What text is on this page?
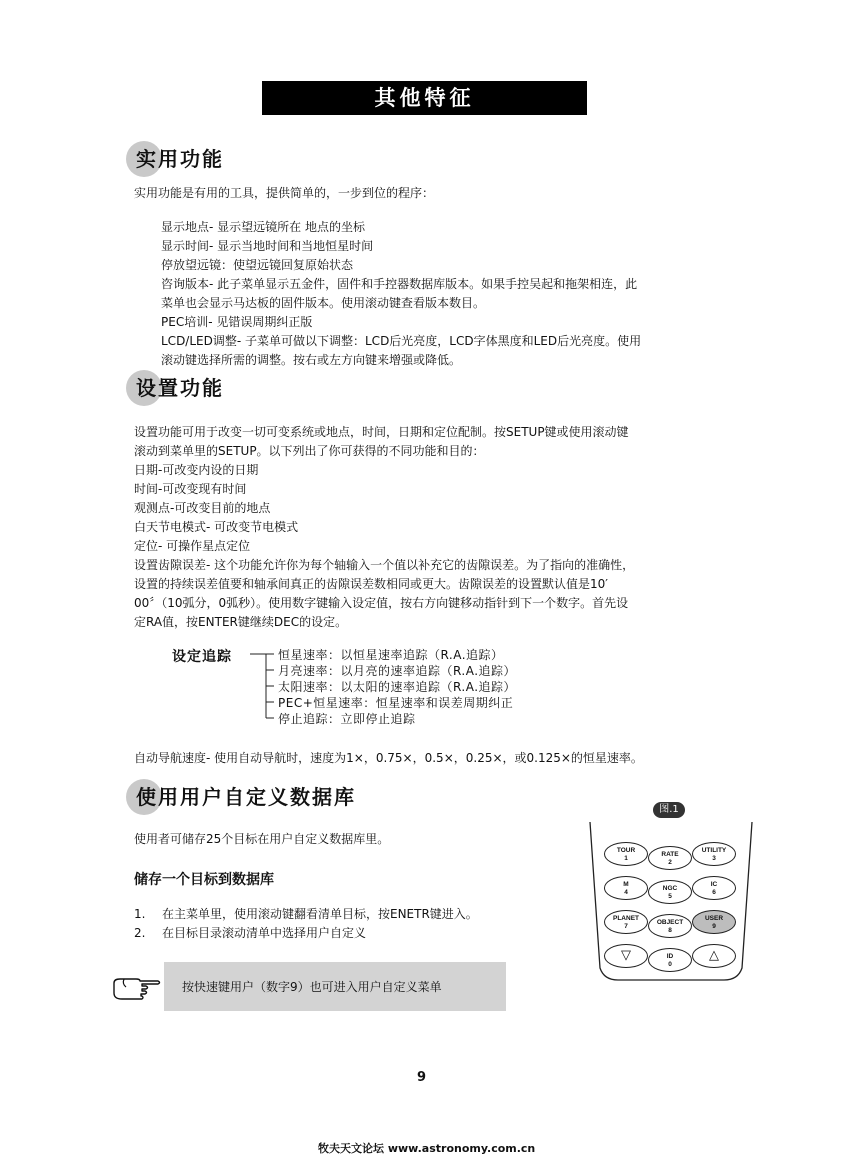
其他特征
实用功能
实用功能是有用的工具，提供简单的，一步到位的程序：
显示地点- 显示望远镜所在 地点的坐标
显示时间- 显示当地时间和当地恒星时间
停放望远镜：使望远镜回复原始状态
咨询版本- 此子菜单显示五金件，固件和手控器数据库版本。如果手控吴起和拖架相连，此
菜单也会显示马达板的固件版本。使用滚动键查看版本数目。
PEC培训- 见错误周期纠正版
LCD/LED调整- 子菜单可做以下调整：LCD后光亮度，LCD字体黑度和LED后光亮度。使用
滚动键选择所需的调整。按右或左方向键来增强或降低。
设置功能
设置功能可用于改变一切可变系统或地点，时间，日期和定位配制。按SETUP键或使用滚动键
滚动到菜单里的SETUP。以下列出了你可获得的不同功能和目的：
日期-可改变内设的日期
时间-可改变现有时间
观测点-可改变目前的地点
白天节电模式- 可改变节电模式
定位- 可操作星点定位
设置齿隙误差- 这个功能允许你为每个轴输入一个值以补充它的齿隙误差。为了指向的准确性，
设置的持续误差值要和轴承间真正的齿隙误差数相同或更大。齿隙误差的设置默认值是10′
00〞（10弧分，0弧秒）。使用数字键输入设定值，按右方向键移动指针到下一个数字。首先设
定RA值，按ENTER键继续DEC的设定。
设定追踪	恒星速率：以恒星速率追踪（R.A.追踪）
月亮速率：以月亮的速率追踪（R.A.追踪）
太阳速率：以太阳的速率追踪（R.A.追踪）
PEC+恒星速率：恒星速率和误差周期纠正
停止追踪：立即停止追踪
自动导航速度- 使用自动导航时，速度为1×，0.75×，0.5×，0.25×，或0.125×的恒星速率。
使用用户自定义数据库
使用者可储存25个目标在用户自定义数据库里。
储存一个目标到数据库
1. 在主菜单里，使用滚动键翻看清单目标，按ENETR键进入。
2. 在目标目录滚动清单中选择用户自定义
按快速键用户（数字9）也可进入用户自定义菜单
图.1
TOUR
1
RATE
2
UTILITY
3
M
4
NGC
5
IC
6
PLANET
7
OBJECT
8
USER
9
▽	ID
0
△
9
牧夫天文论坛 www.astronomy.com.cn
